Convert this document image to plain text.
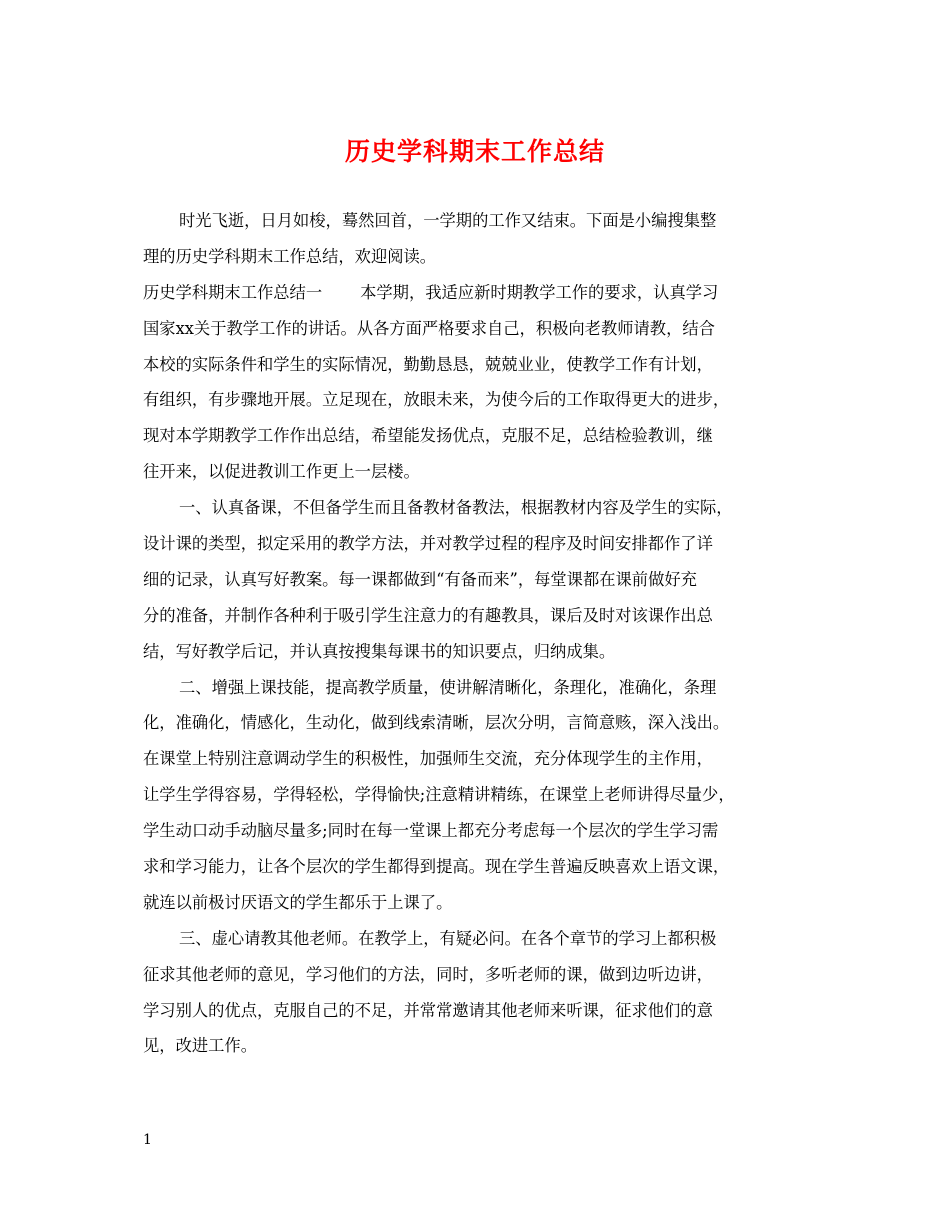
历史学科期末工作总结
时光飞逝，日月如梭，蓦然回首，一学期的工作又结束。下面是小编搜集整
理的历史学科期末工作总结，欢迎阅读。
历史学科期末工作总结一 本学期，我适应新时期教学工作的要求，认真学习
国家xx关于教学工作的讲话。从各方面严格要求自己，积极向老教师请教，结合
本校的实际条件和学生的实际情况，勤勤恳恳，兢兢业业，使教学工作有计划，
有组织，有步骤地开展。立足现在，放眼未来，为使今后的工作取得更大的进步，
现对本学期教学工作作出总结，希望能发扬优点，克服不足，总结检验教训，继
往开来，以促进教训工作更上一层楼。
一、认真备课，不但备学生而且备教材备教法，根据教材内容及学生的实际，
设计课的类型，拟定采用的教学方法，并对教学过程的程序及时间安排都作了详
细的记录，认真写好教案。每一课都做到“有备而来”，每堂课都在课前做好充
分的准备，并制作各种利于吸引学生注意力的有趣教具，课后及时对该课作出总
结，写好教学后记，并认真按搜集每课书的知识要点，归纳成集。
二、增强上课技能，提高教学质量，使讲解清晰化，条理化，准确化，条理
化，准确化，情感化，生动化，做到线索清晰，层次分明，言简意赅，深入浅出。
在课堂上特别注意调动学生的积极性，加强师生交流，充分体现学生的主作用，
让学生学得容易，学得轻松，学得愉快;注意精讲精练，在课堂上老师讲得尽量少，
学生动口动手动脑尽量多;同时在每一堂课上都充分考虑每一个层次的学生学习需
求和学习能力，让各个层次的学生都得到提高。现在学生普遍反映喜欢上语文课，
就连以前极讨厌语文的学生都乐于上课了。
三、虚心请教其他老师。在教学上，有疑必问。在各个章节的学习上都积极
征求其他老师的意见，学习他们的方法，同时，多听老师的课，做到边听边讲，
学习别人的优点，克服自己的不足，并常常邀请其他老师来听课，征求他们的意
见，改进工作。
1
